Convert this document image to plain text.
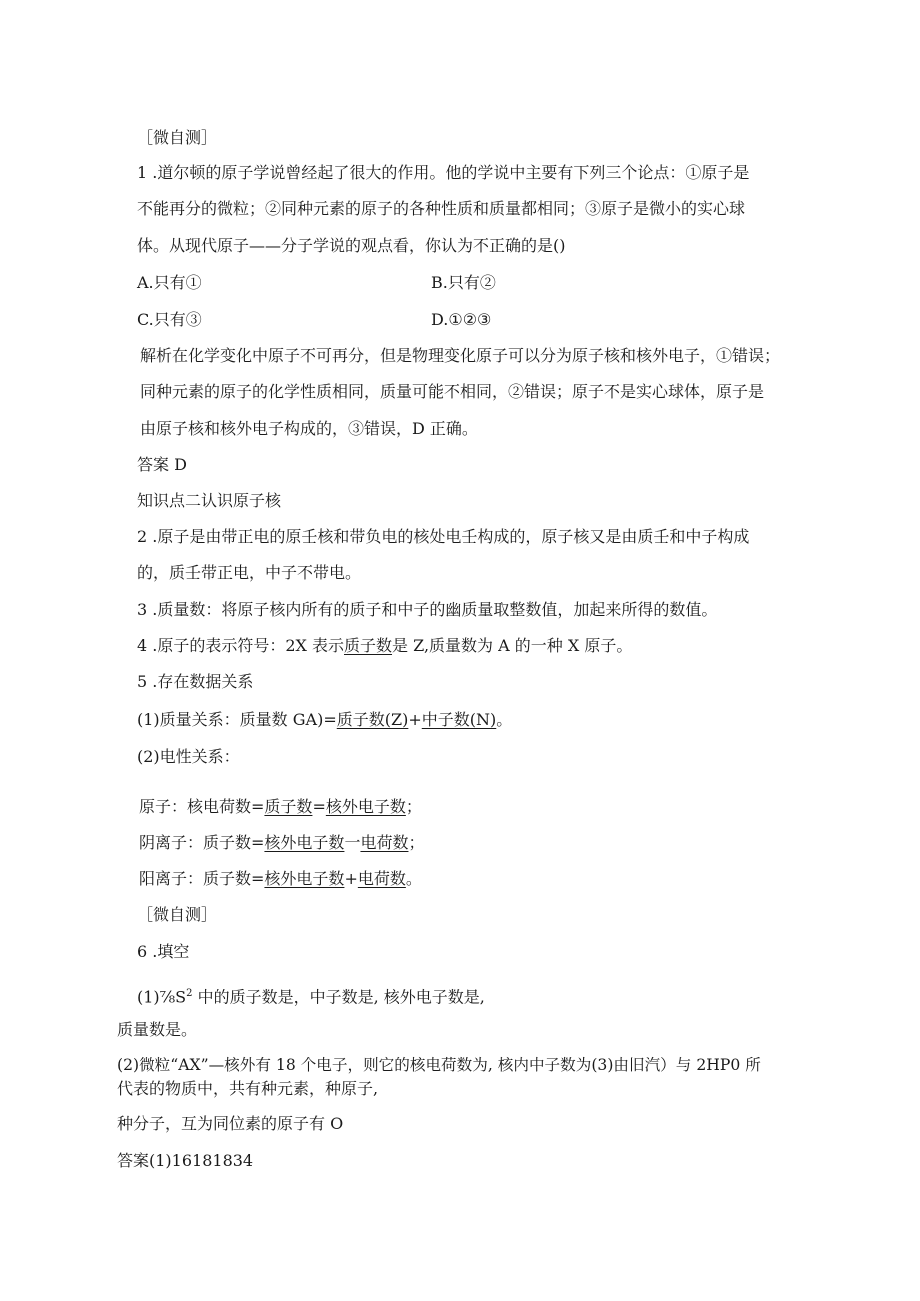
［微自测］
1 .道尔顿的原子学说曾经起了很大的作用。他的学说中主要有下列三个论点：①原子是
不能再分的微粒；②同种元素的原子的各种性质和质量都相同；③原子是微小的实心球
体。从现代原子——分子学说的观点看，你认为不正确的是()
A.只有①	B.只有②
C.只有③	D.①②③
解析在化学变化中原子不可再分，但是物理变化原子可以分为原子核和核外电子，①错误；
同种元素的原子的化学性质相同，质量可能不相同，②错误；原子不是实心球体，原子是
由原子核和核外电子构成的，③错误，D 正确。
答案 D
知识点二认识原子核
2 .原子是由带正电的原壬核和带负电的核处电壬构成的，原子核又是由质壬和中子构成
的，质壬带正电，中子不带电。
3 .质量数：将原子核内所有的质子和中子的幽质量取整数值，加起来所得的数值。
4 .原子的表示符号：2X 表示质子数是 Z,质量数为 A 的一种 X 原子。
5 .存在数据关系
(1)质量关系：质量数 GA)=质子数(Z)+中子数(N)。
(2)电性关系：
原子：核电荷数=质子数=核外电子数；
阴离子：质子数=核外电子数一电荷数；
阳离子：质子数=核外电子数+电荷数。
［微自测］
6 .填空
$(1)\frac{7}{8}S^2$ 中的质子数是，中子数是, 核外电子数是,
质量数是。
(2)微粒“AX”—核外有 18 个电子，则它的核电荷数为, 核内中子数为(3)由旧汽）与 2HP0 所
代表的物质中，共有种元素，种原子,
种分子，互为同位素的原子有 O
答案(1)16181834
